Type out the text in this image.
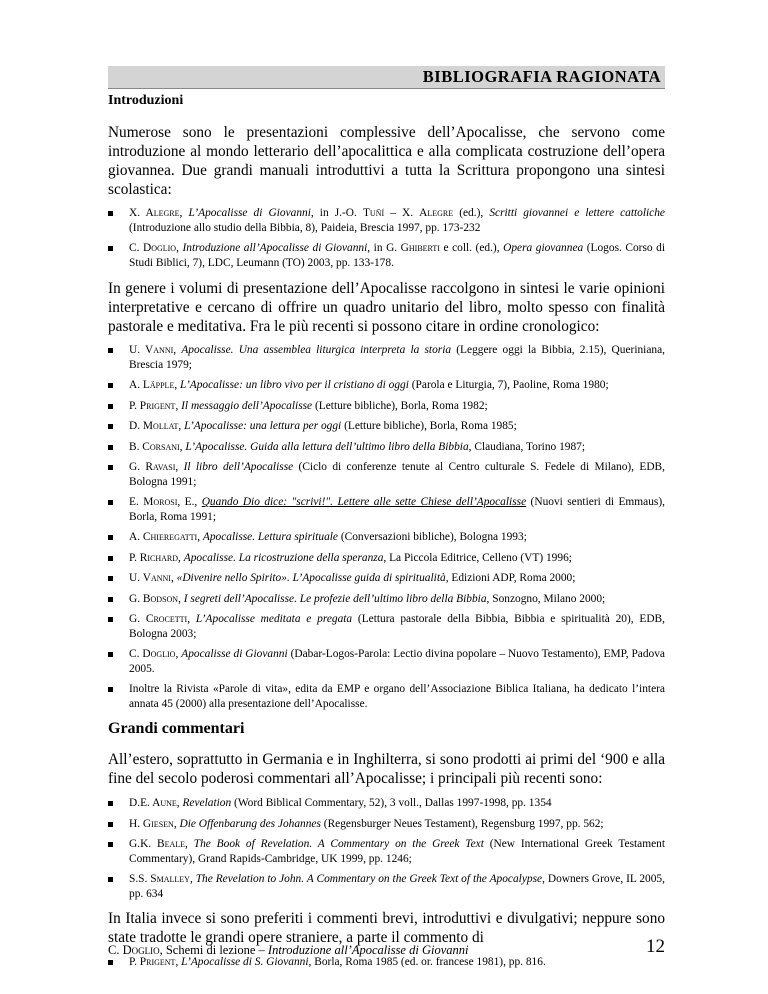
BIBLIOGRAFIA RAGIONATA
Introduzioni

Numerose sono le presentazioni complessive dell’Apocalisse, che servono come introduzione al mondo letterario dell’apocalittica e alla complicata costruzione dell’opera giovannea. Due grandi manuali introduttivi a tutta la Scrittura propongono una sintesi scolastica:

X. Alegre, L’Apocalisse di Giovanni, in J.-O. Tuñí – X. Alegre (ed.), Scritti giovannei e lettere cattoliche (Introduzione allo studio della Bibbia, 8), Paideia, Brescia 1997, pp. 173-232
C. Doglio, Introduzione all’Apocalisse di Giovanni, in G. Ghiberti e coll. (ed.), Opera giovannea (Logos. Corso di Studi Biblici, 7), LDC, Leumann (TO) 2003, pp. 133-178.

In genere i volumi di presentazione dell’Apocalisse raccolgono in sintesi le varie opinioni interpretative e cercano di offrire un quadro unitario del libro, molto spesso con finalità pastorale e meditativa. Fra le più recenti si possono citare in ordine cronologico:

U. Vanni, Apocalisse. Una assemblea liturgica interpreta la storia (Leggere oggi la Bibbia, 2.15), Queriniana, Brescia 1979;
A. Läpple, L’Apocalisse: un libro vivo per il cristiano di oggi (Parola e Liturgia, 7), Paoline, Roma 1980;
P. Prigent, Il messaggio dell’Apocalisse (Letture bibliche), Borla, Roma 1982;
D. Mollat, L’Apocalisse: una lettura per oggi (Letture bibliche), Borla, Roma 1985;
B. Corsani, L’Apocalisse. Guida alla lettura dell’ultimo libro della Bibbia, Claudiana, Torino 1987;
G. Ravasi, Il libro dell’Apocalisse (Ciclo di conferenze tenute al Centro culturale S. Fedele di Milano), EDB, Bologna 1991;
E. Morosi, E., Quando Dio dice: "scrivi!". Lettere alle sette Chiese dell’Apocalisse (Nuovi sentieri di Emmaus), Borla, Roma 1991;
A. Chieregatti, Apocalisse. Lettura spirituale (Conversazioni bibliche), Bologna 1993;
P. Richard, Apocalisse. La ricostruzione della speranza, La Piccola Editrice, Celleno (VT) 1996;
U. Vanni, «Divenire nello Spirito». L’Apocalisse guida di spiritualità, Edizioni ADP, Roma 2000;
G. Bodson, I segreti dell’Apocalisse. Le profezie dell’ultimo libro della Bibbia, Sonzogno, Milano 2000;
G. Crocetti, L’Apocalisse meditata e pregata (Lettura pastorale della Bibbia, Bibbia e spiritualità 20), EDB, Bologna 2003;
C. Doglio, Apocalisse di Giovanni (Dabar-Logos-Parola: Lectio divina popolare – Nuovo Testamento), EMP, Padova 2005.
Inoltre la Rivista «Parole di vita», edita da EMP e organo dell’Associazione Biblica Italiana, ha dedicato l’intera annata 45 (2000) alla presentazione dell’Apocalisse.
Grandi commentari

All’estero, soprattutto in Germania e in Inghilterra, si sono prodotti ai primi del ‘900 e alla fine del secolo poderosi commentari all’Apocalisse; i principali più recenti sono:

D.E. Aune, Revelation (Word Biblical Commentary, 52), 3 voll., Dallas 1997-1998, pp. 1354
H. Giesen, Die Offenbarung des Johannes (Regensburger Neues Testament), Regensburg 1997, pp. 562;
G.K. Beale, The Book of Revelation. A Commentary on the Greek Text (New International Greek Testament Commentary), Grand Rapids-Cambridge, UK 1999, pp. 1246;
S.S. Smalley, The Revelation to John. A Commentary on the Greek Text of the Apocalypse, Downers Grove, IL 2005, pp. 634

In Italia invece si sono preferiti i commenti brevi, introduttivi e divulgativi; neppure sono state tradotte le grandi opere straniere, a parte il commento di

P. Prigent, L’Apocalisse di S. Giovanni, Borla, Roma 1985 (ed. or. francese 1981), pp. 816.
C. Doglio, Schemi di lezione – Introduzione all’Apocalisse di Giovanni	12
